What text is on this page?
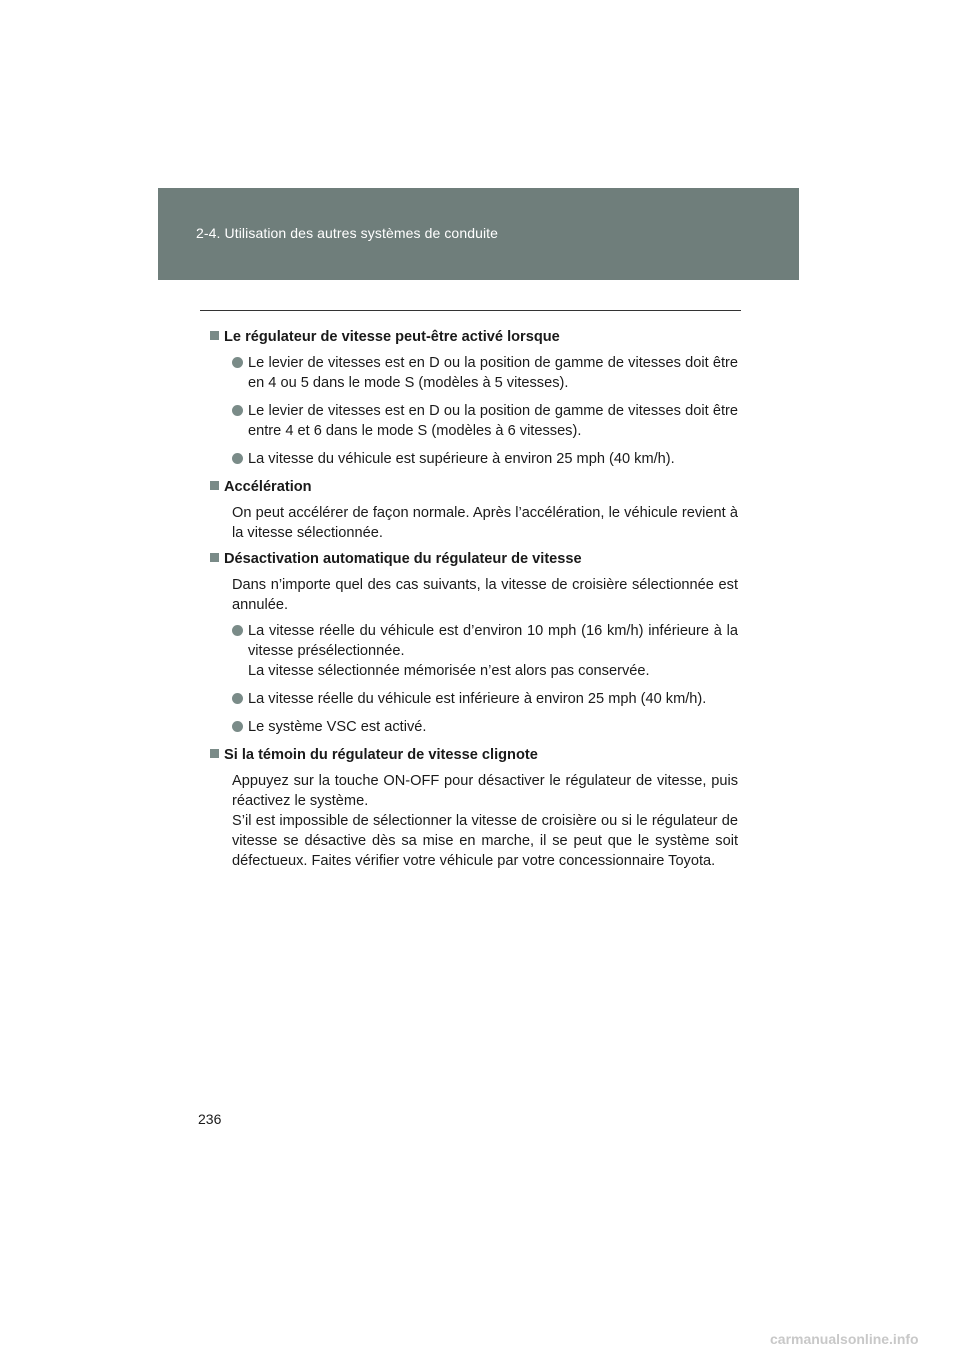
2-4. Utilisation des autres systèmes de conduite
Le régulateur de vitesse peut-être activé lorsque
Le levier de vitesses est en D ou la position de gamme de vitesses doit être en 4 ou 5 dans le mode S (modèles à 5 vitesses).
Le levier de vitesses est en D ou la position de gamme de vitesses doit être entre 4 et 6 dans le mode S (modèles à 6 vitesses).
La vitesse du véhicule est supérieure à environ 25 mph (40 km/h).
Accélération
On peut accélérer de façon normale. Après l’accélération, le véhicule revient à la vitesse sélectionnée.
Désactivation automatique du régulateur de vitesse
Dans n’importe quel des cas suivants, la vitesse de croisière sélectionnée est annulée.
La vitesse réelle du véhicule est d’environ 10 mph (16 km/h) inférieure à la vitesse présélectionnée.
La vitesse sélectionnée mémorisée n’est alors pas conservée.
La vitesse réelle du véhicule est inférieure à environ 25 mph (40 km/h).
Le système VSC est activé.
Si la témoin du régulateur de vitesse clignote
Appuyez sur la touche ON-OFF pour désactiver le régulateur de vitesse, puis réactivez le système.
S’il est impossible de sélectionner la vitesse de croisière ou si le régulateur de vitesse se désactive dès sa mise en marche, il se peut que le système soit défectueux. Faites vérifier votre véhicule par votre concessionnaire Toyota.
236
carmanualsonline.info
